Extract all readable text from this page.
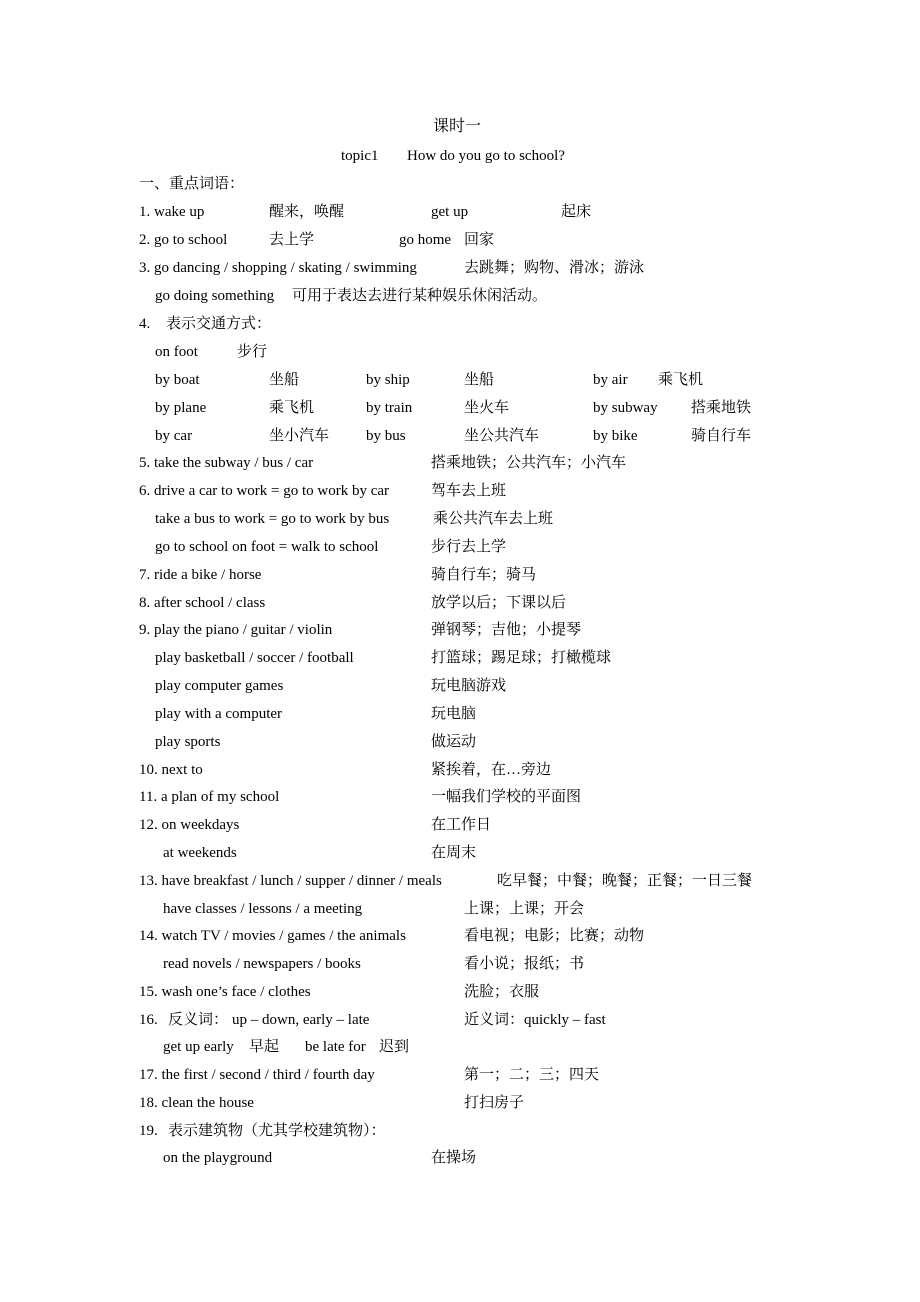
课时一
topic1 How do you go to school?
一、重点词语：
1. wake up	醒来，唤醒	get up	起床
2. go to school	去上学	go home 回家
3. go dancing / shopping / skating / swimming	去跳舞；购物、滑冰；游泳
go doing something 可用于表达去进行某种娱乐休闲活动。
4. 表示交通方式：
on foot	步行
by boat	坐船	by ship	坐船	by air 乘飞机
by plane	乘飞机	by train	坐火车	by subway 搭乘地铁
by car	坐小汽车 by bus	坐公共汽车	by bike	骑自行车
5. take the subway / bus / car	搭乘地铁；公共汽车；小汽车
6. drive a car to work = go to work by car	驾车去上班
take a bus to work = go to work by bus	乘公共汽车去上班
go to school on foot = walk to school	步行去上学
7. ride a bike / horse	骑自行车；骑马
8. after school / class	放学以后；下课以后
9. play the piano / guitar / violin	弹钢琴；吉他；小提琴
play basketball / soccer / football	打篮球；踢足球；打橄榄球
play computer games	玩电脑游戏
play with a computer	玩电脑
play sports	做运动
10. next to	紧挨着，在…旁边
11. a plan of my school	一幅我们学校的平面图
12. on weekdays	在工作日
at weekends	在周末
13. have breakfast / lunch / supper / dinner / meals	吃早餐；中餐；晚餐；正餐；一日三餐
have classes / lessons / a meeting	上课；上课；开会
14. watch TV / movies / games / the animals	看电视；电影；比赛；动物
read novels / newspapers / books	看小说；报纸；书
15. wash one’s face / clothes	洗脸；衣服
16. 反义词： up – down, early – late	近义词：quickly – fast
get up early 早起 be late for 迟到
17. the first / second / third / fourth day	第一；二；三；四天
18. clean the house	打扫房子
19. 表示建筑物（尤其学校建筑物）：
on the playground	在操场
